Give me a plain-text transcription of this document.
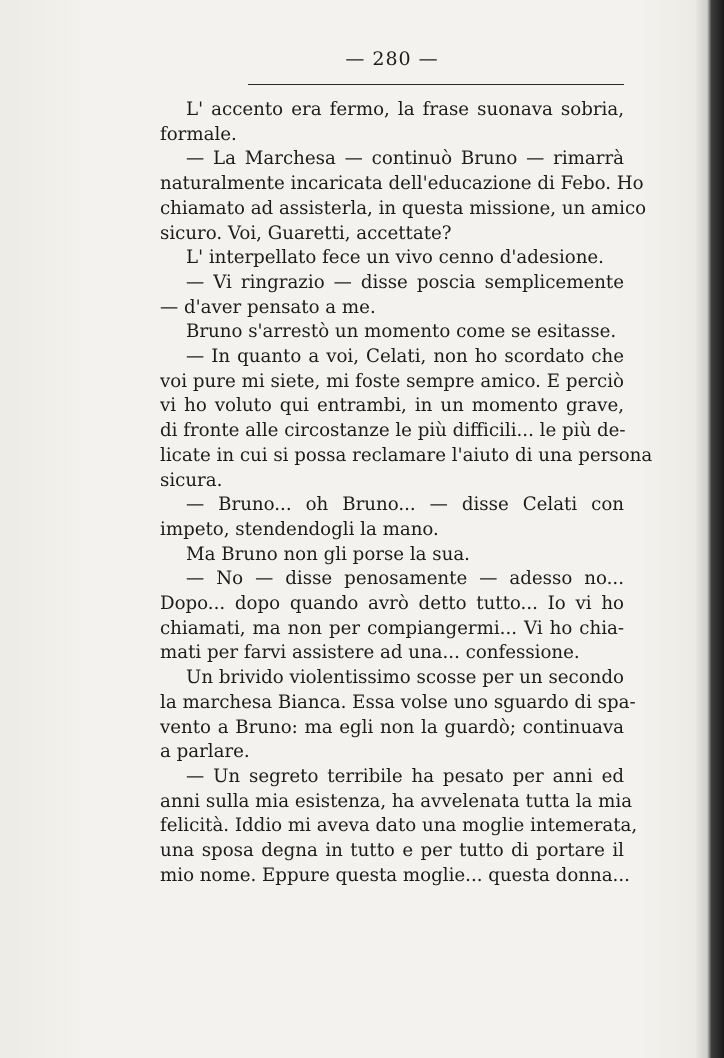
— 280 —
L' accento era fermo, la frase suonava sobria,
formale.
— La Marchesa — continuò Bruno — rimarrà
naturalmente incaricata dell'educazione di Febo. Ho
chiamato ad assisterla, in questa missione, un amico
sicuro. Voi, Guaretti, accettate?
L' interpellato fece un vivo cenno d'adesione.
— Vi ringrazio — disse poscia semplicemente
— d'aver pensato a me.
Bruno s'arrestò un momento come se esitasse.
— In quanto a voi, Celati, non ho scordato che
voi pure mi siete, mi foste sempre amico. E perciò
vi ho voluto qui entrambi, in un momento grave,
di fronte alle circostanze le più difficili... le più de-
licate in cui si possa reclamare l'aiuto di una persona
sicura.
— Bruno... oh Bruno... — disse Celati con
impeto, stendendogli la mano.
Ma Bruno non gli porse la sua.
— No — disse penosamente — adesso no...
Dopo... dopo quando avrò detto tutto... Io vi ho
chiamati, ma non per compiangermi... Vi ho chia-
mati per farvi assistere ad una... confessione.
Un brivido violentissimo scosse per un secondo
la marchesa Bianca. Essa volse uno sguardo di spa-
vento a Bruno: ma egli non la guardò; continuava
a parlare.
— Un segreto terribile ha pesato per anni ed
anni sulla mia esistenza, ha avvelenata tutta la mia
felicità. Iddio mi aveva dato una moglie intemerata,
una sposa degna in tutto e per tutto di portare il
mio nome. Eppure questa moglie... questa donna...
